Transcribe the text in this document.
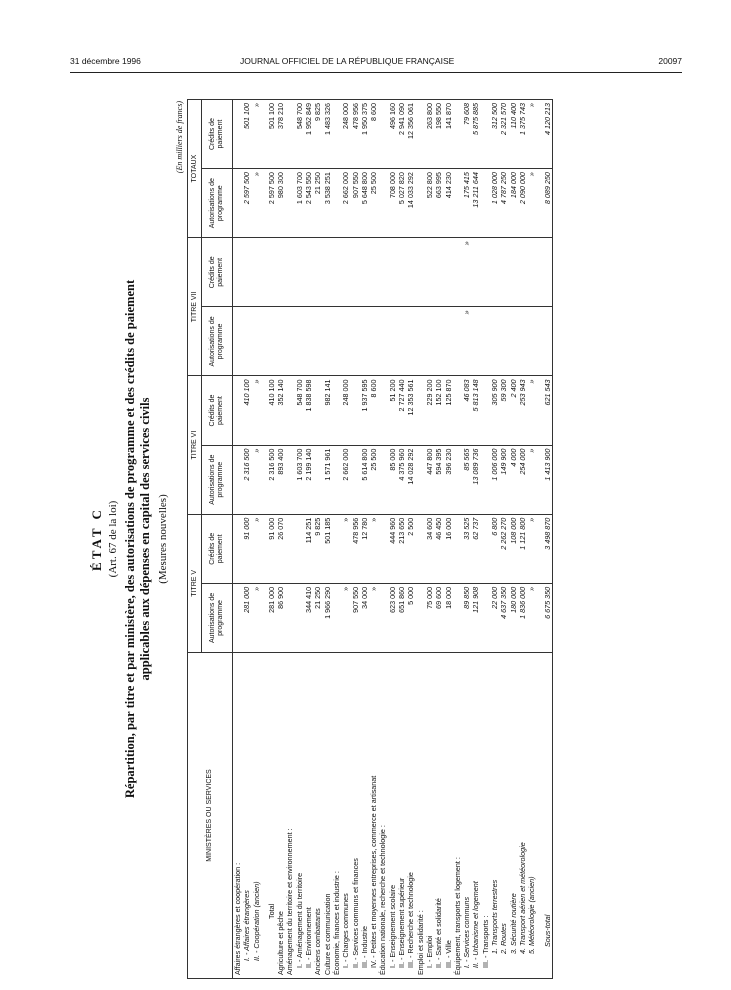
31 décembre 1996	JOURNAL OFFICIEL DE LA RÉPUBLIQUE FRANÇAISE	20097
ÉTAT C (Art. 67 de la loi) Répartition, par titre et par ministère, des autorisations de programme et des crédits de paiement applicables aux dépenses en capital des services civils (Mesures nouvelles)
(En milliers de francs)
MINISTÈRES OU SERVICES	TITRE V		TITRE VI		TITRE VII		TOTAUX	
	Autorisations de programme	Crédits de paiement	Autorisations de programme	Crédits de paiement	Autorisations de programme	Crédits de paiement	Autorisations de programme	Crédits de paiement
Affaires étrangères et coopération :								
I. - Affaires étrangères	281 000	91 000	2 316 500	410 100			2 597 500	501 100
II. - Coopération (ancien)	»	»	»	»			»	»

Total	281 000	91 000	2 316 500	410 100			2 597 500	501 100
Agriculture et pêche	86 900	26 070	893 400	352 140			980 300	378 210
Aménagement du territoire et environnement :								
I. - Aménagement du territoire			1 603 700	548 700			1 603 700	548 700
II. - Environnement	344 410	114 251	2 199 140	1 838 598			2 543 550	1 952 849
Anciens combattants	21 250	9 825					21 250	9 825
Culture et communication	1 966 290	501 185	1 571 961	982 141			3 538 251	1 483 326
Économie, finances et industrie :								
I. - Charges communes	»	»	2 662 000	248 000			2 662 000	248 000
II. - Services communs et finances	907 550	478 956					907 550	478 956
III. - Industrie	34 000	12 780	5 614 800	1 937 595			5 648 800	1 950 375
IV. - Petites et moyennes entreprises, commerce et artisanat	»	»	25 500	8 600			25 500	8 600
Éducation nationale, recherche et technologie :								
I. - Enseignement scolaire	623 000	444 960	85 000	51 200			708 000	496 160
II. - Enseignement supérieur	651 860	213 650	4 375 960	2 727 440			5 027 820	2 941 090
III. - Recherche et technologie	5 000	2 500	14 028 292	12 353 561			14 033 292	12 356 061
Emploi et solidarité :								
I. - Emploi	75 000	34 600	447 800	229 200			522 800	263 800
II. - Santé et solidarité	69 600	46 450	594 395	152 100			663 995	198 550
III. - Ville	18 000	16 000	396 230	125 870			414 230	141 870
Équipement, transports et logement :								
I. - Services communs	89 850	33 525	85 565	46 083	»	»	175 415	79 608
II. - Urbanisme et logement	121 908	62 737	13 089 736	5 813 148			13 211 644	5 875 885
III. - Transports :								
1. Transports terrestres	22 000	6 800	1 006 000	305 900			1 028 000	312 500
2. Routes	4 637 350	2 262 270	149 900	59 300			4 787 250	2 321 570
3. Sécurité routière	180 000	108 000	4 000	2 400			184 000	110 400
4. Transport aérien et météorologie	1 836 000	1 121 800	254 000	253 943			2 090 000	1 375 743
5. Météorologie (ancien)	»	»	»	»			»	»

Sous-total	6 675 350	3 498 870	1 413 900	621 543			8 089 250	4 120 213
